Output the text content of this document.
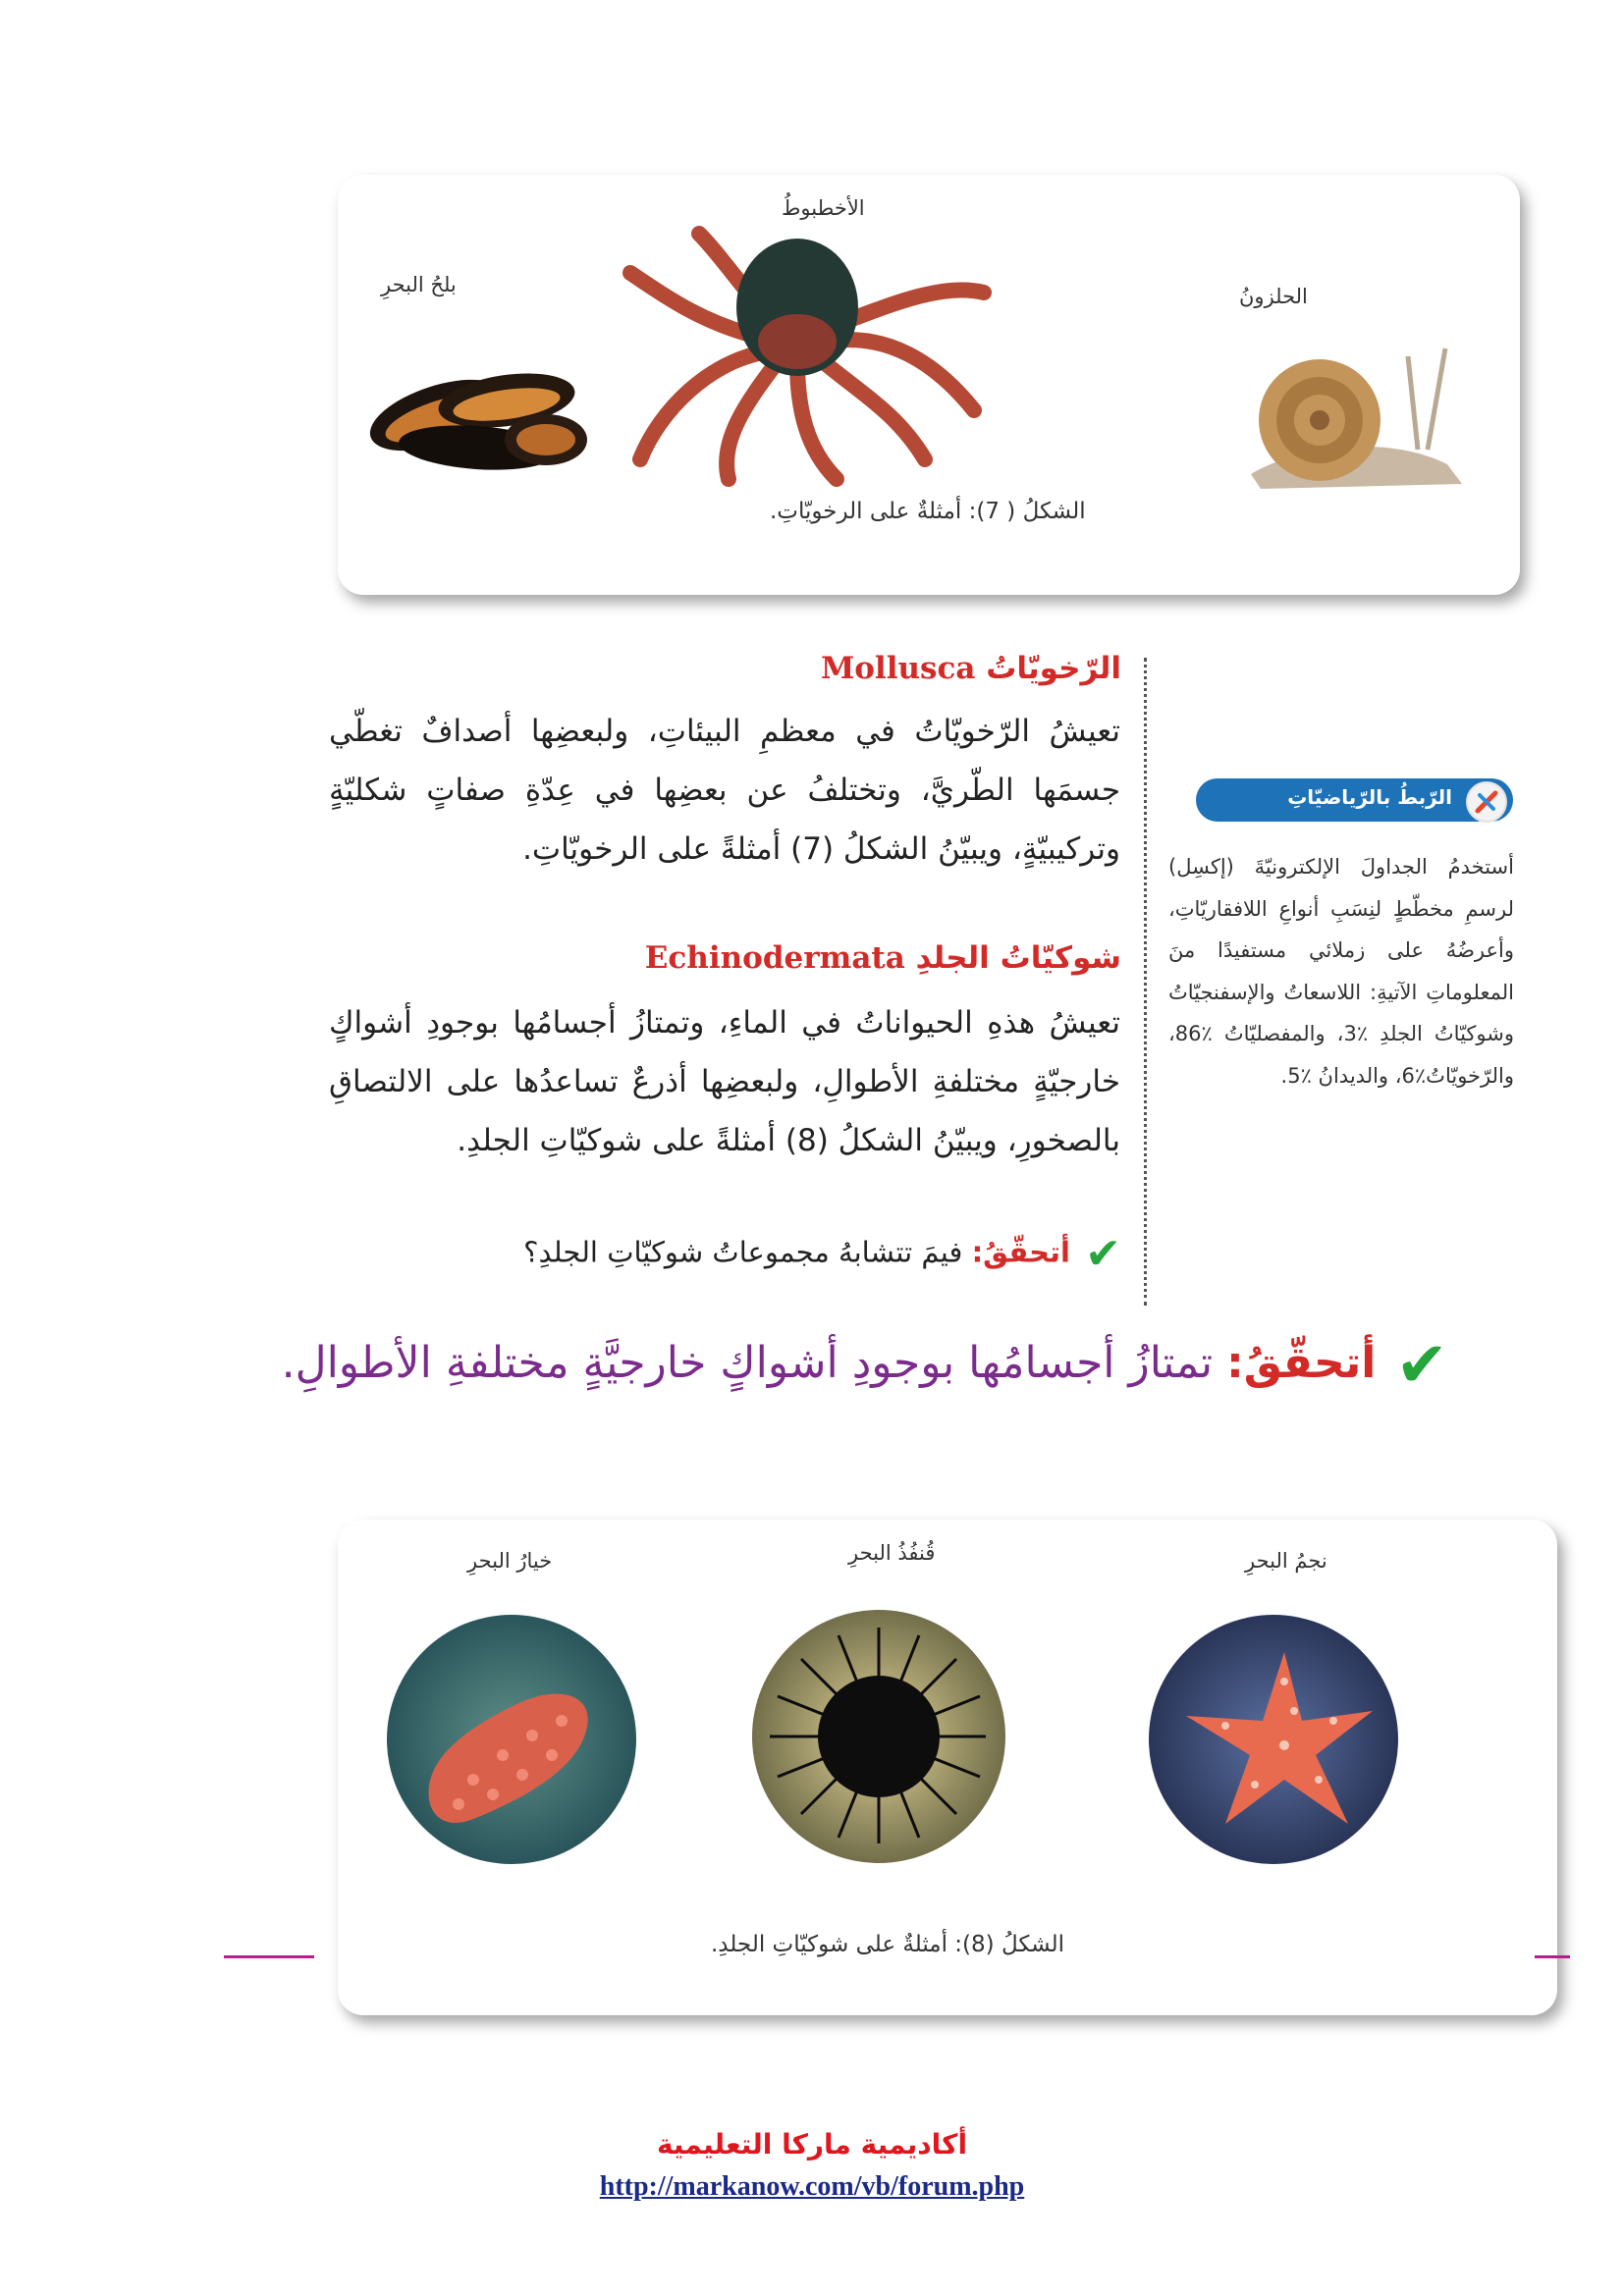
بلحُ البحرِ
الأخطبوطُ
الحلزونُ
الشكلُ ( 7): أمثلةٌ على الرخويّاتِ.
الرّخويّاتُ Mollusca
تعيشُ الرّخويّاتُ في معظمِ البيئاتِ، ولبعضِها أصدافٌ تغطّي جسمَها الطّريَّ، وتختلفُ عن بعضِها في عِدّةِ صفاتٍ شكليّةٍ وتركيبيّةٍ، ويبيّنُ الشكلُ (7) أمثلةً على الرخويّاتِ.
شوكيّاتُ الجلدِ Echinodermata
تعيشُ هذهِ الحيواناتُ في الماءِ، وتمتازُ أجسامُها بوجودِ أشواكٍ خارجيّةٍ مختلفةِ الأطوالِ، ولبعضِها أذرعٌ تساعدُها على الالتصاقِ بالصخورِ، ويبيّنُ الشكلُ (8) أمثلةً على شوكيّاتِ الجلدِ.
✔ أتحقّقُ: فيمَ تتشابهُ مجموعاتُ شوكيّاتِ الجلدِ؟
الرّبطُ بالرّياضيّاتِ
أستخدمُ الجداولَ الإلكترونيّةَ (إكسِل) لرسمِ مخطّطٍ لنِسَبِ أنواعِ اللافقاريّاتِ، وأعرضُهُ على زملائي مستفيدًا منَ المعلوماتِ الآتيةِ: اللاسعاتُ والإسفنجيّاتُ وشوكيّاتُ الجلدِ ٪3، والمفصليّاتُ ٪86، والرّخويّاتُ٪6، والديدانُ ٪5.
✔ أتحقّقُ: تمتازُ أجسامُها بوجودِ أشواكٍ خارجيَّةٍ مختلفةِ الأطوالِ.
خيارُ البحرِ	قُنفُذُ البحرِ	نجمُ البحرِ
الشكلُ (8): أمثلةٌ على شوكيّاتِ الجلدِ.
أكاديمية ماركا التعليمية
http://markanow.com/vb/forum.php
